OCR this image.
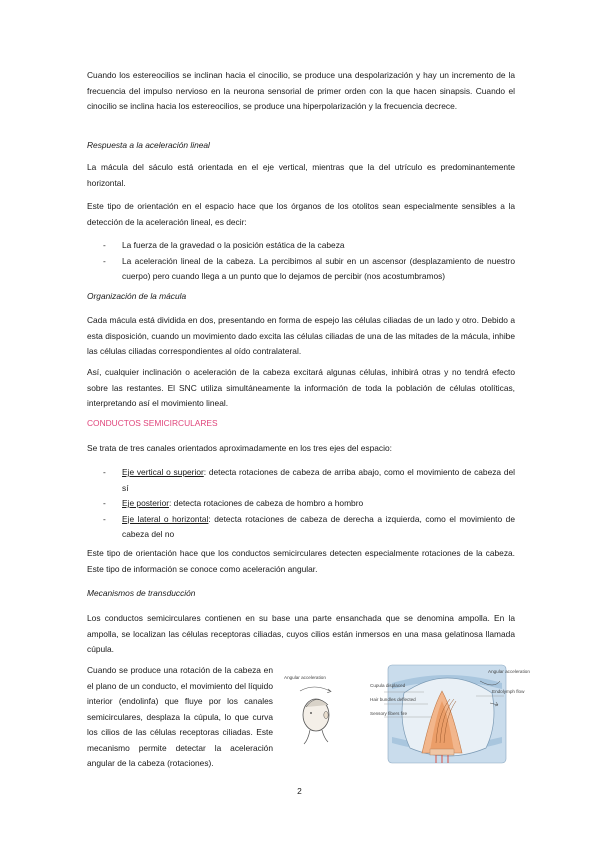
Cuando los estereocilios se inclinan hacia el cinocilio, se produce una despolarización y hay un incremento de la frecuencia del impulso nervioso en la neurona sensorial de primer orden con la que hacen sinapsis. Cuando el cinocilio se inclina hacia los estereocilios, se produce una hiperpolarización y la frecuencia decrece.

Respuesta a la aceleración lineal

La mácula del sáculo está orientada en el eje vertical, mientras que la del utrículo es predominantemente horizontal.

Este tipo de orientación en el espacio hace que los órganos de los otolitos sean especialmente sensibles a la detección de la aceleración lineal, es decir:

- La fuerza de la gravedad o la posición estática de la cabeza
- La aceleración lineal de la cabeza. La percibimos al subir en un ascensor (desplazamiento de nuestro cuerpo) pero cuando llega a un punto que lo dejamos de percibir (nos acostumbramos)
Organización de la mácula

Cada mácula está dividida en dos, presentando en forma de espejo las células ciliadas de un lado y otro. Debido a esta disposición, cuando un movimiento dado excita las células ciliadas de una de las mitades de la mácula, inhibe las células ciliadas correspondientes al oído contralateral.

Así, cualquier inclinación o aceleración de la cabeza excitará algunas células, inhibirá otras y no tendrá efecto sobre las restantes. El SNC utiliza simultáneamente la información de toda la población de células otolíticas, interpretando así el movimiento lineal.

CONDUCTOS SEMICIRCULARES

Se trata de tres canales orientados aproximadamente en los tres ejes del espacio:

- Eje vertical o superior: detecta rotaciones de cabeza de arriba abajo, como el movimiento de cabeza del sí
- Eje posterior: detecta rotaciones de cabeza de hombro a hombro
- Eje lateral o horizontal: detecta rotaciones de cabeza de derecha a izquierda, como el movimiento de cabeza del no

Este tipo de orientación hace que los conductos semicirculares detecten especialmente rotaciones de la cabeza. Este tipo de información se conoce como aceleración angular.

Mecanismos de transducción

Los conductos semicirculares contienen en su base una parte ensanchada que se denomina ampolla. En la ampolla, se localizan las células receptoras ciliadas, cuyos cilios están inmersos en una masa gelatinosa llamada cúpula.

Cuando se produce una rotación de la cabeza en el plano de un conducto, el movimiento del líquido interior (endolinfa) que fluye por los canales semicirculares, desplaza la cúpula, lo que curva los cilios de las células receptoras ciliadas. Este mecanismo permite detectar la aceleración angular de la cabeza (rotaciones).

Angular acceleration
Angular acceleration
Cupula displaced
Hair bundles deflected
Sensory fibers fire
Endolymph flow
2
